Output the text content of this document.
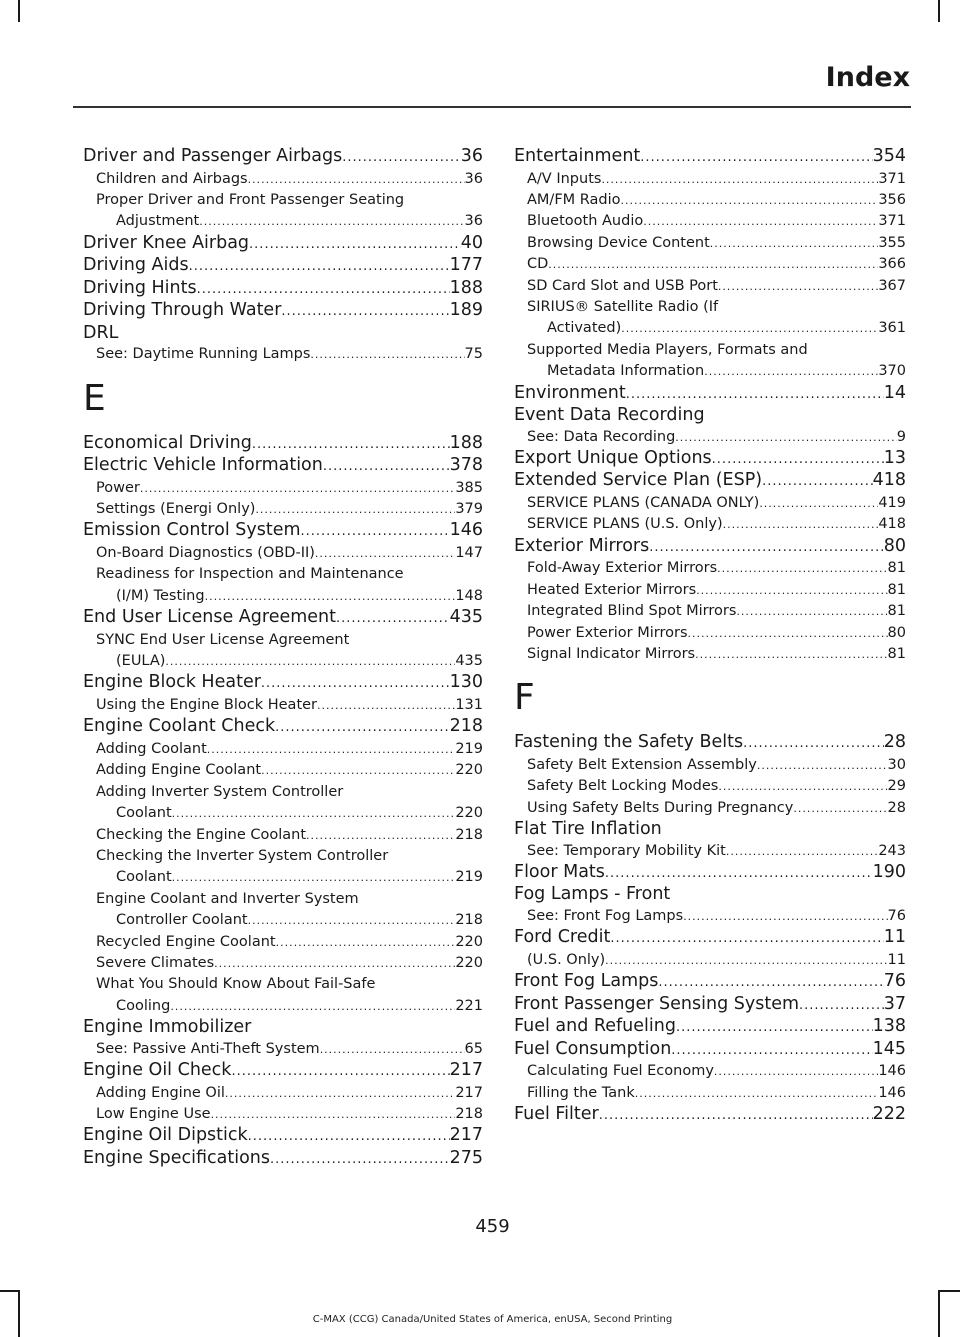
Index
Driver and Passenger Airbags .....	36
Children and Airbags .....	36
Proper Driver and Front Passenger Seating
Adjustment .....	36
Driver Knee Airbag .....	40
Driving Aids .....	177
Driving Hints .....	188
Driving Through Water .....	189
DRL
See: Daytime Running Lamps .....	75
E
Economical Driving .....	188
Electric Vehicle Information .....	378
Power .....	385
Settings (Energi Only) .....	379
Emission Control System .....	146
On-Board Diagnostics (OBD-II) .....	147
Readiness for Inspection and Maintenance
(I/M) Testing .....	148
End User License Agreement .....	435
SYNC End User License Agreement
(EULA) .....	435
Engine Block Heater .....	130
Using the Engine Block Heater .....	131
Engine Coolant Check .....	218
Adding Coolant .....	219
Adding Engine Coolant .....	220
Adding Inverter System Controller
Coolant .....	220
Checking the Engine Coolant .....	218
Checking the Inverter System Controller
Coolant .....	219
Engine Coolant and Inverter System
Controller Coolant .....	218
Recycled Engine Coolant .....	220
Severe Climates .....	220
What You Should Know About Fail-Safe
Cooling .....	221
Engine Immobilizer
See: Passive Anti-Theft System .....	65
Engine Oil Check .....	217
Adding Engine Oil .....	217
Low Engine Use .....	218
Engine Oil Dipstick .....	217
Engine Specifications .....	275
Entertainment .....	354
A/V Inputs .....	371
AM/FM Radio .....	356
Bluetooth Audio .....	371
Browsing Device Content .....	355
CD .....	366
SD Card Slot and USB Port .....	367
SIRIUS® Satellite Radio (If
Activated) .....	361
Supported Media Players, Formats and
Metadata Information .....	370
Environment .....	14
Event Data Recording
See: Data Recording .....	9
Export Unique Options .....	13
Extended Service Plan (ESP) .....	418
SERVICE PLANS (CANADA ONLY) .....	419
SERVICE PLANS (U.S. Only) .....	418
Exterior Mirrors .....	80
Fold-Away Exterior Mirrors .....	81
Heated Exterior Mirrors .....	81
Integrated Blind Spot Mirrors .....	81
Power Exterior Mirrors .....	80
Signal Indicator Mirrors .....	81
F
Fastening the Safety Belts .....	28
Safety Belt Extension Assembly .....	30
Safety Belt Locking Modes .....	29
Using Safety Belts During Pregnancy .....	28
Flat Tire Inflation
See: Temporary Mobility Kit .....	243
Floor Mats .....	190
Fog Lamps - Front
See: Front Fog Lamps .....	76
Ford Credit .....	11
(U.S. Only) .....	11
Front Fog Lamps .....	76
Front Passenger Sensing System .....	37
Fuel and Refueling .....	138
Fuel Consumption .....	145
Calculating Fuel Economy .....	146
Filling the Tank .....	146
Fuel Filter .....	222
459
C-MAX (CCG) Canada/United States of America, enUSA, Second Printing
